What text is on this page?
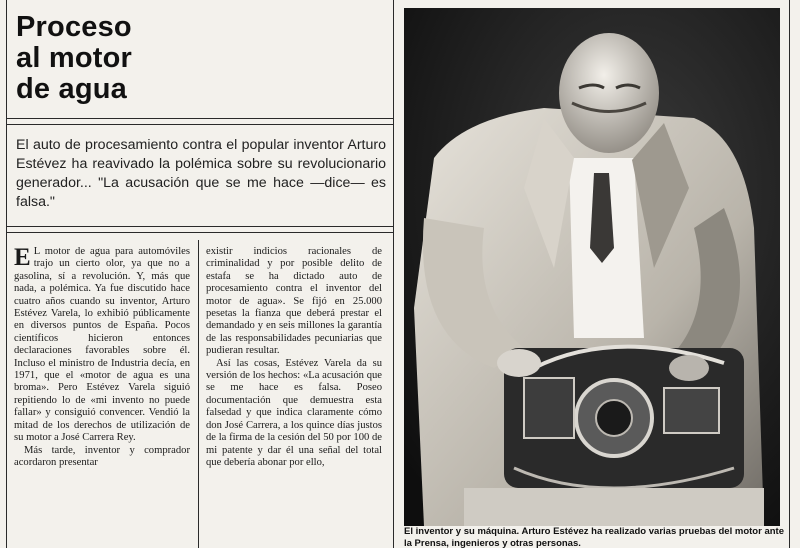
Proceso
al motor
de agua

El auto de procesamiento contra el popular inventor Arturo Estévez ha reavivado la polémica sobre su revolucionario generador... "La acusación que se me hace —dice— es falsa."

E L motor de agua para automóviles trajo un cierto olor, ya que no a gasolina, sí a revolución. Y, más que nada, a polémica. Ya fue discutido hace cuatro años cuando su inventor, Arturo Estévez Varela, lo exhibió públicamente en diversos puntos de España. Pocos científicos hicieron entonces declaraciones favorables sobre él. Incluso el ministro de Industria decía, en 1971, que el «motor de agua es una broma». Pero Estévez Varela siguió repitiendo lo de «mi invento no puede fallar» y consiguió convencer. Vendió la mitad de los derechos de utilización de su motor a José Carrera Rey.

Más tarde, inventor y comprador acordaron presentar

existir indicios racionales de criminalidad y por posible delito de estafa se ha dictado auto de procesamiento contra el inventor del motor de agua». Se fijó en 25.000 pesetas la fianza que deberá prestar el demandado y en seis millones la garantía de las responsabilidades pecuniarias que pudieran resultar.

Así las cosas, Estévez Varela da su versión de los hechos: «La acusación que se me hace es falsa. Poseo documentación que demuestra esta falsedad y que indica claramente cómo don José Carrera, a los quince días justos de la firma de la cesión del 50 por 100 de mi patente y dar él una señal del total que debería abonar por ello,

El inventor y su máquina. Arturo Estévez ha realizado varias pruebas del motor ante la Prensa, ingenieros y otras personas.
